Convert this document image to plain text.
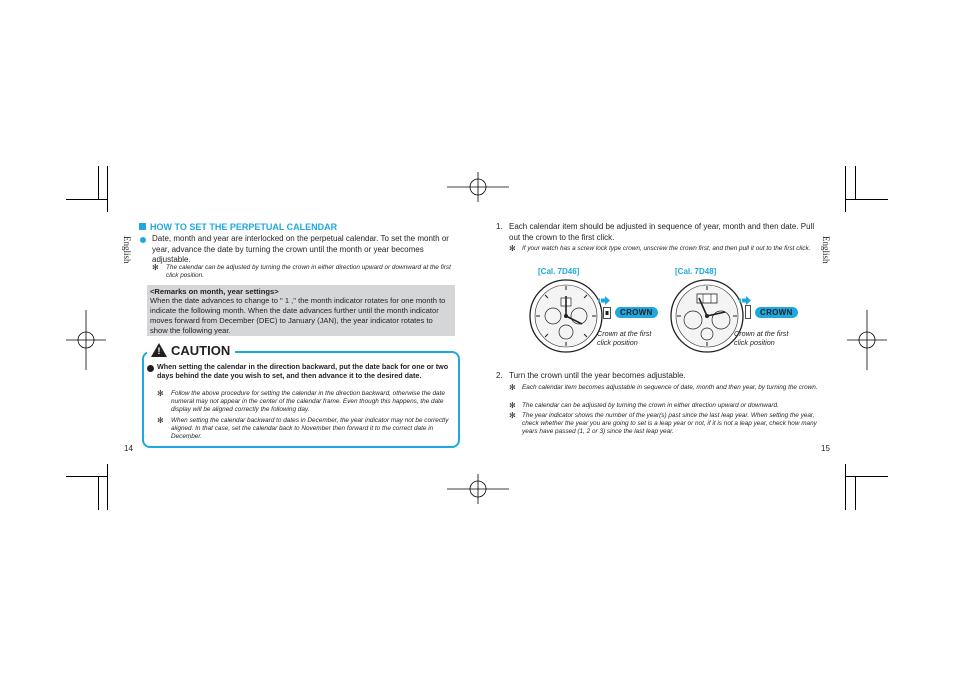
English
HOW TO SET THE PERPETUAL CALENDAR
Date, month and year are interlocked on the perpetual calendar. To set the month or year, advance the date by turning the crown until the month or year becomes adjustable.
✻ The calendar can be adjusted by turning the crown in either direction upward or downward at the first click position.
<Remarks on month, year settings>
When the date advances to change to " 1 ," the month indicator rotates for one month to indicate the following month. When the date advances further until the month indicator moves forward from December (DEC) to January (JAN), the year indicator rotates to show the following year.
! CAUTION
When setting the calendar in the direction backward, put the date back for one or two days behind the date you wish to set, and then advance it to the desired date.
✻ Follow the above procedure for setting the calendar in the direction backward, otherwise the date numeral may not appear in the center of the calendar frame. Even though this happens, the date display will be aligned correctly the following day.
✻ When setting the calendar backward to dates in December, the year indicator may not be correctly aligned. In that case, set the calendar back to November then forward it to the correct date in December.
14
English
1. Each calendar item should be adjusted in sequence of year, month and then date. Pull out the crown to the first click.
✻ If your watch has a screw lock type crown, unscrew the crown first, and then pull it out to the first click.
[Cal. 7D46]	[Cal. 7D48]
CROWN
Crown at the first
click position
CROWN
Crown at the first
click position
2. Turn the crown until the year becomes adjustable.
✻ Each calendar item becomes adjustable in sequence of date, month and then year, by turning the crown.
✻ The calendar can be adjusted by turning the crown in either direction upward or downward.
✻ The year indicator shows the number of the year(s) past since the last leap year. When setting the year, check whether the year you are going to set is a leap year or not, if it is not a leap year, check how many years have passed (1, 2 or 3) since the last leap year.
15
